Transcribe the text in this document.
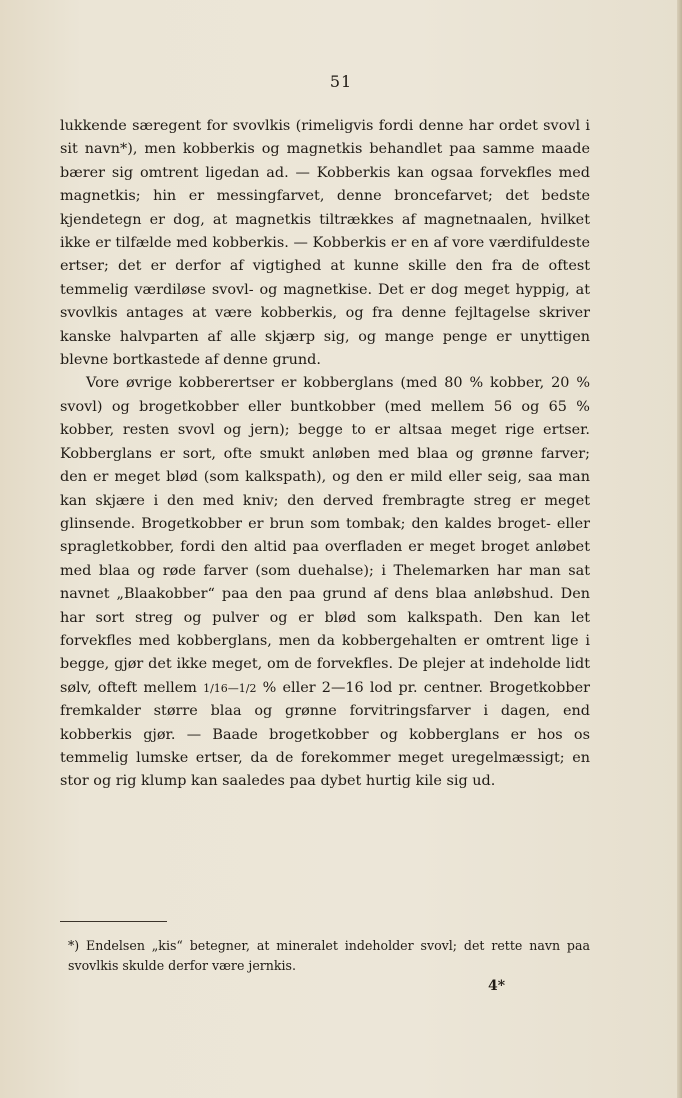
51

lukkende særegent for svovlkis (rimeligvis fordi denne har ordet svovl i sit navn*), men kobberkis og magnetkis behandlet paa samme maade bærer sig omtrent ligedan ad. — Kobberkis kan ogsaa forvekfles med magnetkis; hin er messingfarvet, denne broncefarvet; det bedste kjendetegn er dog, at magnetkis tiltrækkes af magnetnaalen, hvilket ikke er tilfælde med kobberkis. — Kobberkis er en af vore værdifuldeste ertser; det er derfor af vigtighed at kunne skille den fra de oftest temmelig værdiløse svovl- og magnetkise. Det er dog meget hyppig, at svovlkis antages at være kobberkis, og fra denne fejltagelse skriver kanske halvparten af alle skjærp sig, og mange penge er unyttigen blevne bortkastede af denne grund.

Vore øvrige kobberertser er kobberglans (med 80 % kobber, 20 % svovl) og brogetkobber eller buntkobber (med mellem 56 og 65 % kobber, resten svovl og jern); begge to er altsaa meget rige ertser. Kobberglans er sort, ofte smukt anløben med blaa og grønne farver; den er meget blød (som kalkspath), og den er mild eller seig, saa man kan skjære i den med kniv; den derved frembragte streg er meget glinsende. Brogetkobber er brun som tombak; den kaldes broget- eller spragletkobber, fordi den altid paa overfladen er meget broget anløbet med blaa og røde farver (som duehalse); i Thelemarken har man sat navnet „Blaakobber“ paa den paa grund af dens blaa anløbshud. Den har sort streg og pulver og er blød som kalkspath. Den kan let forvekfles med kobberglans, men da kobbergehalten er omtrent lige i begge, gjør det ikke meget, om de forvekfles. De plejer at indeholde lidt sølv, ofteft mellem 1/16—1/2 % eller 2—16 lod pr. centner. Brogetkobber fremkalder større blaa og grønne forvitringsfarver i dagen, end kobberkis gjør. — Baade brogetkobber og kobberglans er hos os temmelig lumske ertser, da de forekommer meget uregelmæssigt; en stor og rig klump kan saaledes paa dybet hurtig kile sig ud.

*) Endelsen „kis“ betegner, at mineralet indeholder svovl; det rette navn paa svovlkis skulde derfor være jernkis.
4*
